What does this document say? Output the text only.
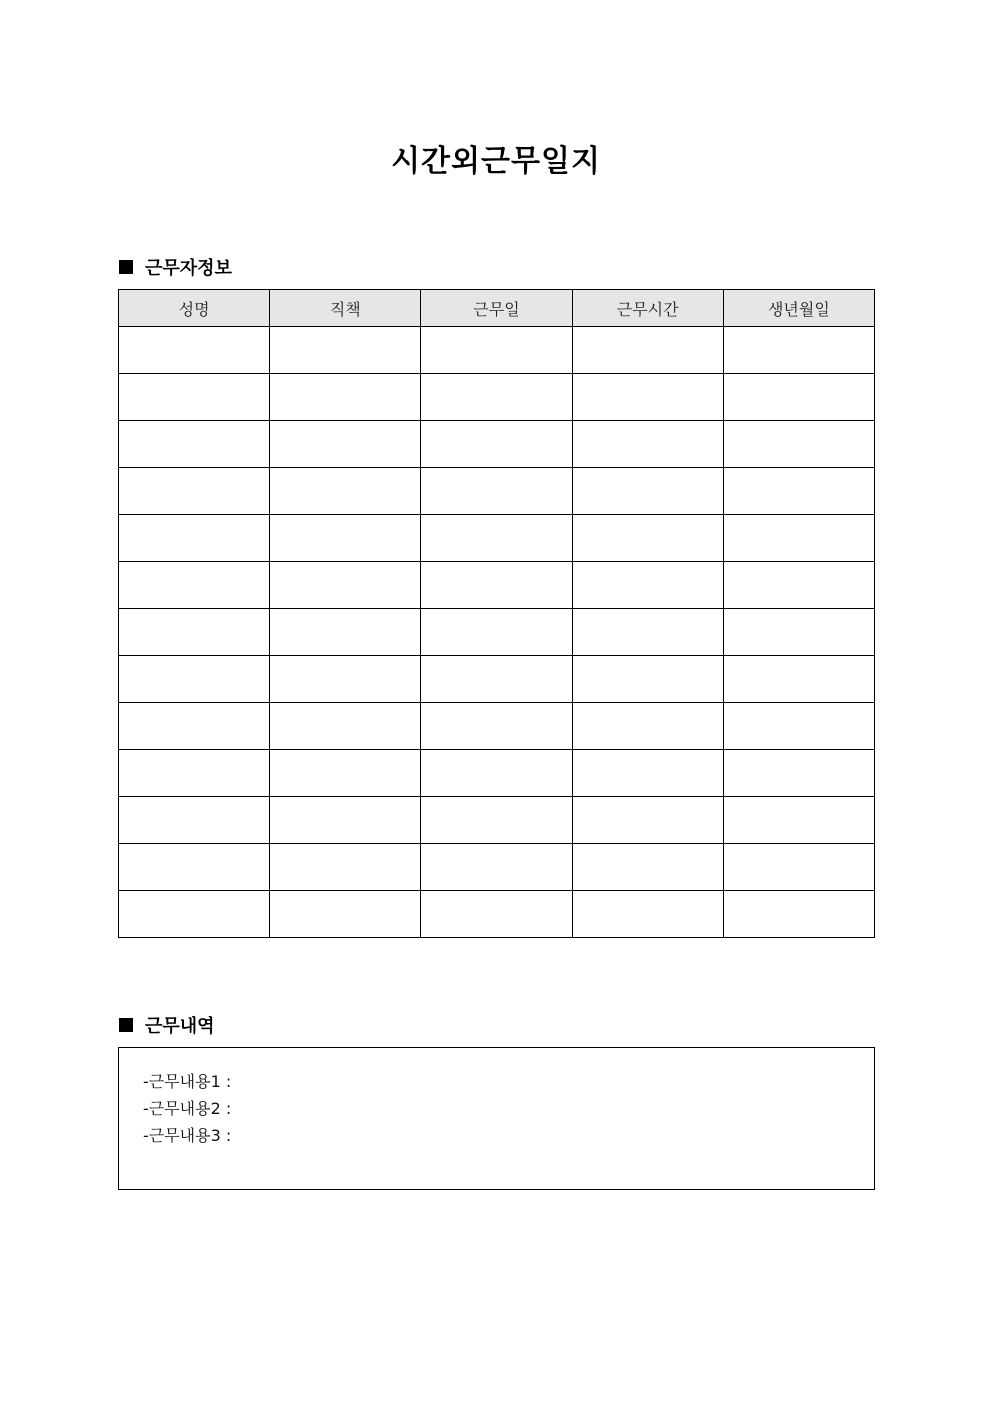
시간외근무일지
근무자정보
성명	직책	근무일	근무시간	생년월일

근무내역
-근무내용1 :
-근무내용2 :
-근무내용3 :
